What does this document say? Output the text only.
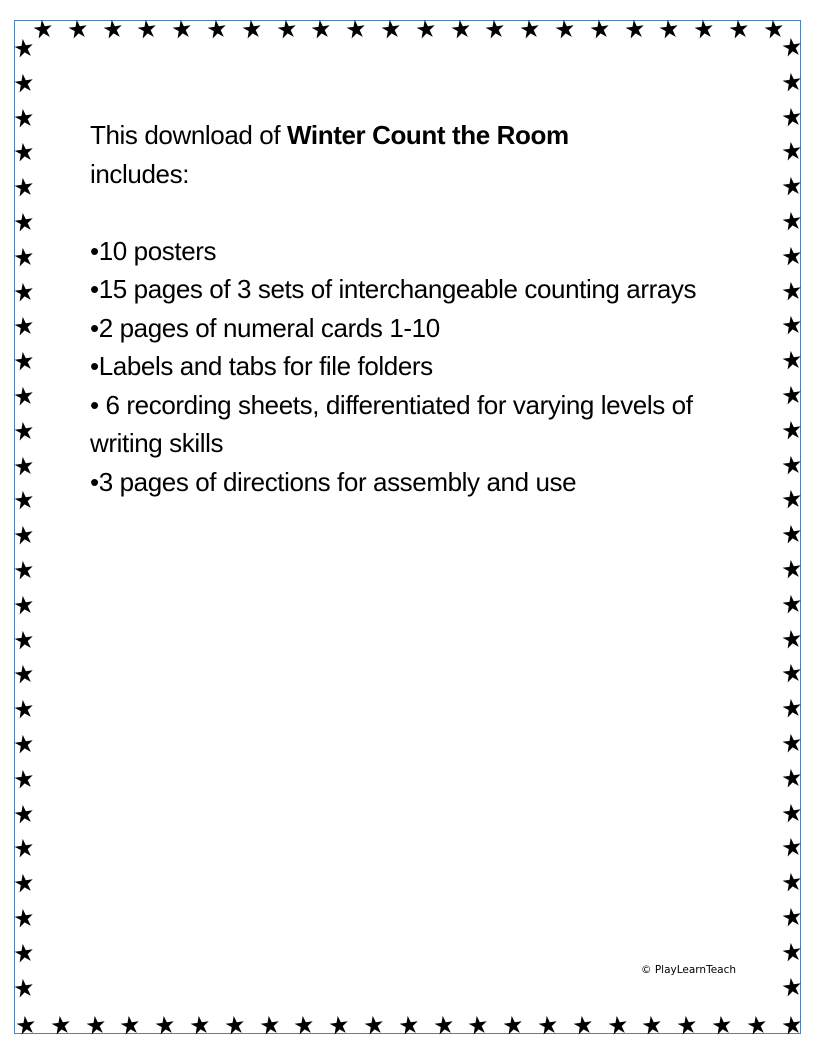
This download of Winter Count the Room
includes:
•10 posters
•15 pages of 3 sets of interchangeable counting arrays
•2 pages of numeral cards 1-10
•Labels and tabs for file folders
• 6 recording sheets, differentiated for varying levels of writing skills
•3 pages of directions for assembly and use
© PlayLearnTeach
